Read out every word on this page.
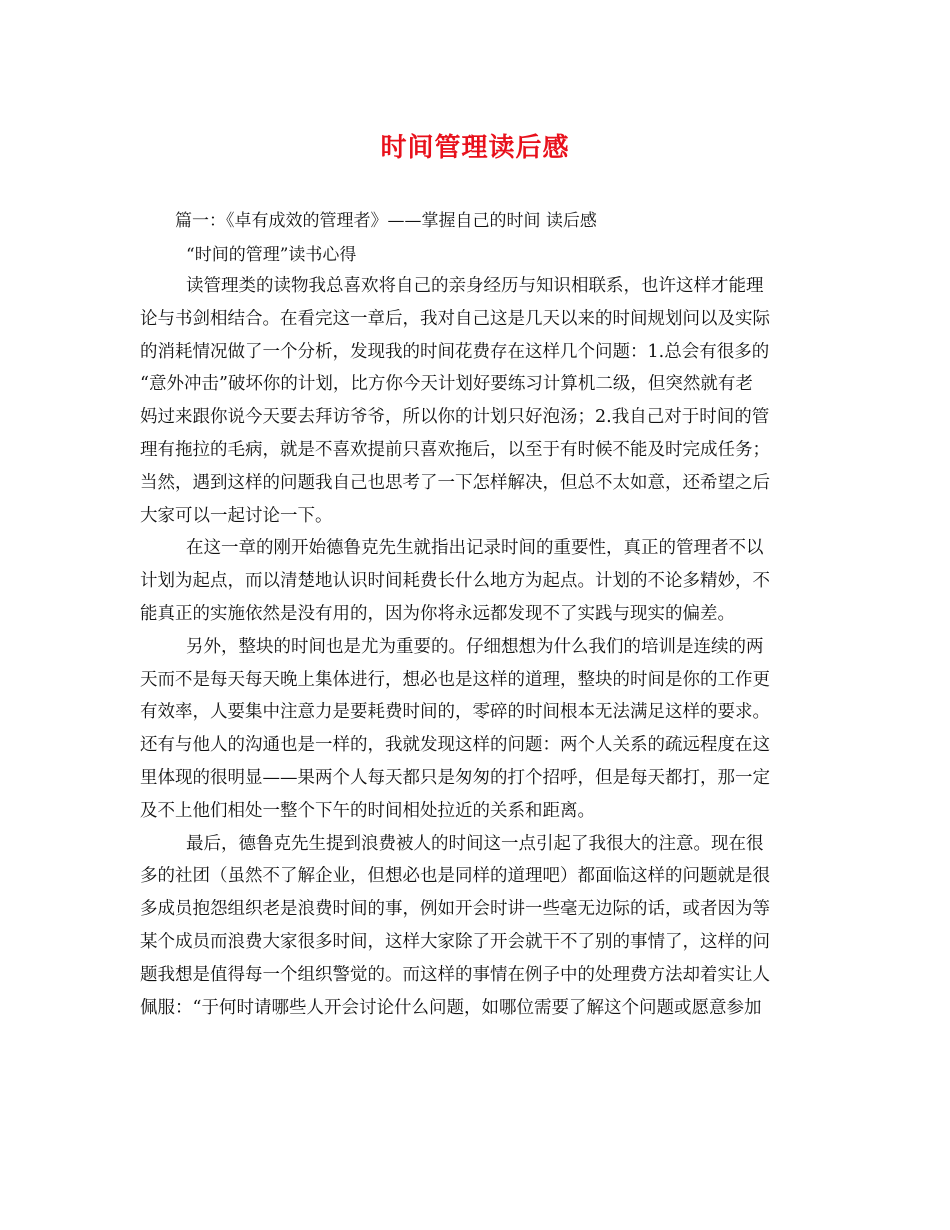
时间管理读后感
篇一：《卓有成效的管理者》——掌握自己的时间 读后感
“时间的管理”读书心得
读管理类的读物我总喜欢将自己的亲身经历与知识相联系，也许这样才能理
论与书剑相结合。在看完这一章后，我对自己这是几天以来的时间规划问以及实际
的消耗情况做了一个分析，发现我的时间花费存在这样几个问题：1.总会有很多的
“意外冲击”破坏你的计划，比方你今天计划好要练习计算机二级，但突然就有老
妈过来跟你说今天要去拜访爷爷，所以你的计划只好泡汤；2.我自己对于时间的管
理有拖拉的毛病，就是不喜欢提前只喜欢拖后，以至于有时候不能及时完成任务；
当然，遇到这样的问题我自己也思考了一下怎样解决，但总不太如意，还希望之后
大家可以一起讨论一下。
在这一章的刚开始德鲁克先生就指出记录时间的重要性，真正的管理者不以
计划为起点，而以清楚地认识时间耗费长什么地方为起点。计划的不论多精妙，不
能真正的实施依然是没有用的，因为你将永远都发现不了实践与现实的偏差。
另外，整块的时间也是尤为重要的。仔细想想为什么我们的培训是连续的两
天而不是每天每天晚上集体进行，想必也是这样的道理，整块的时间是你的工作更
有效率，人要集中注意力是要耗费时间的，零碎的时间根本无法满足这样的要求。
还有与他人的沟通也是一样的，我就发现这样的问题：两个人关系的疏远程度在这
里体现的很明显——果两个人每天都只是匆匆的打个招呼，但是每天都打，那一定
及不上他们相处一整个下午的时间相处拉近的关系和距离。
最后，德鲁克先生提到浪费被人的时间这一点引起了我很大的注意。现在很
多的社团（虽然不了解企业，但想必也是同样的道理吧）都面临这样的问题就是很
多成员抱怨组织老是浪费时间的事，例如开会时讲一些毫无边际的话，或者因为等
某个成员而浪费大家很多时间，这样大家除了开会就干不了别的事情了，这样的问
题我想是值得每一个组织警觉的。而这样的事情在例子中的处理费方法却着实让人
佩服：“于何时请哪些人开会讨论什么问题，如哪位需要了解这个问题或愿意参加
